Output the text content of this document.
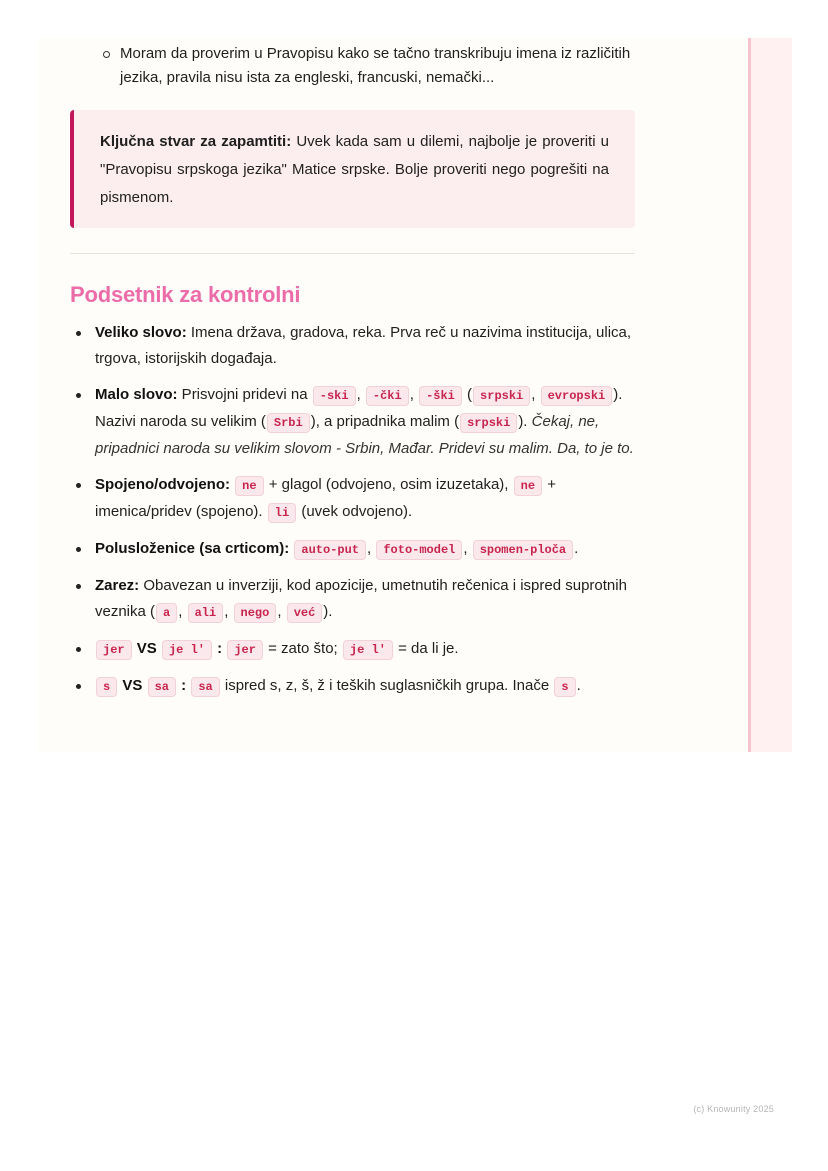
Moram da proverim u Pravopisu kako se tačno transkribuju imena iz različitih jezika, pravila nisu ista za engleski, francuski, nemački...
Ključna stvar za zapamtiti: Uvek kada sam u dilemi, najbolje je proveriti u "Pravopisu srpskoga jezika" Matice srpske. Bolje proveriti nego pogrešiti na pismenom.
Podsetnik za kontrolni
Veliko slovo: Imena država, gradova, reka. Prva reč u nazivima institucija, ulica, trgova, istorijskih događaja.
Malo slovo: Prisvojni pridevi na -ski , -čki , -ški ( srpski , evropski ). Nazivi naroda su velikim ( Srbi ), a pripadnika malim ( srpski ). Čekaj, ne, pripadnici naroda su velikim slovom - Srbin, Mađar. Pridevi su malim. Da, to je to.
Spojeno/odvojeno: ne + glagol (odvojeno, osim izuzetaka), ne + imenica/pridev (spojeno). li (uvek odvojeno).
Polusloženice (sa crticom): auto-put , foto-model , spomen-ploča .
Zarez: Obavezan u inverziji, kod apozicije, umetnutih rečenica i ispred suprotnih veznika ( a , ali , nego , već ).
jer VS je l' : jer = zato što; je l' = da li je.
s VS sa : sa ispred s, z, š, ž i teških suglasničkih grupa. Inače s .
(c) Knowunity 2025
